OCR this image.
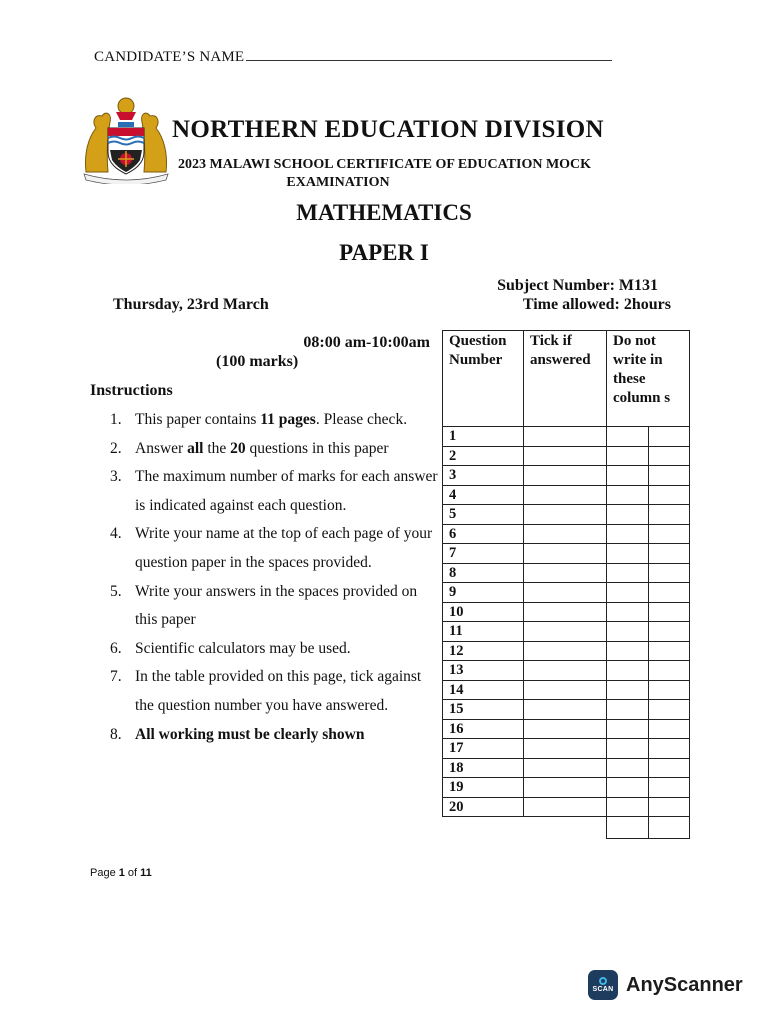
CANDIDATE’S NAME
NORTHERN EDUCATION DIVISION
2023 MALAWI SCHOOL CERTIFICATE OF EDUCATION MOCK
EXAMINATION
MATHEMATICS
PAPER I
Subject Number: M131
Time allowed: 2hours
Thursday, 23rd March
08:00 am-10:00am
(100 marks)
Instructions
1. This paper contains 11 pages. Please check.
2. Answer all the 20 questions in this paper
3. The maximum number of marks for each answer is indicated against each question.
4. Write your name at the top of each page of your question paper in the spaces provided.
5. Write your answers in the spaces provided on this paper
6. Scientific calculators may be used.
7. In the table provided on this page, tick against the question number you have answered.
8. All working must be clearly shown
Question Number	Tick if answered	Do not write in these column s	
1			
2			
3			
4			
5			
6			
7			
8			
9			
10			
11			
12			
13			
14			
15			
16			
17			
18			
19			
20			

Page 1 of 11
SCAN AnyScanner
